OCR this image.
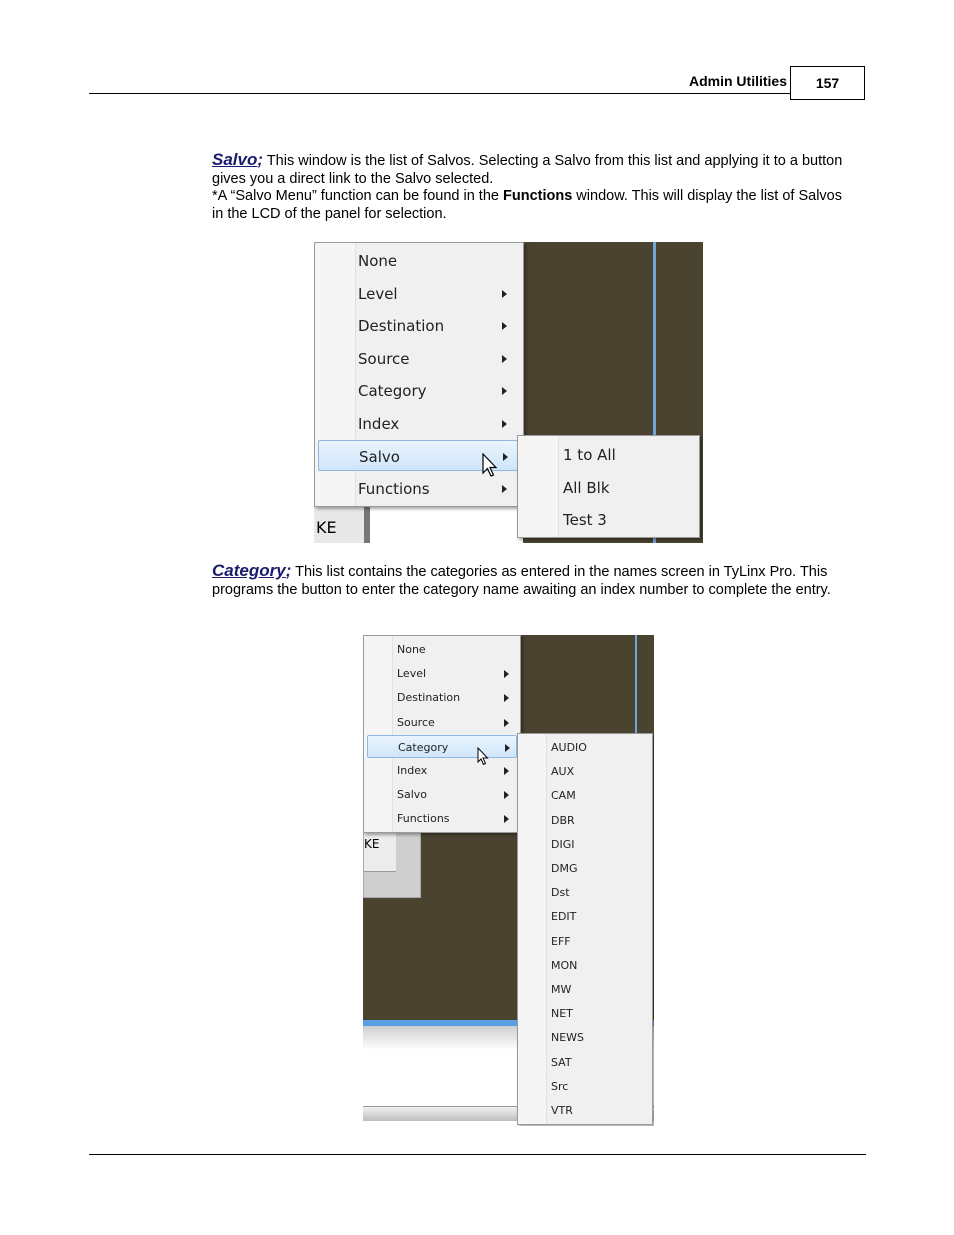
Admin Utilities	157

Salvo; This window is the list of Salvos. Selecting a Salvo from this list and applying it to a button gives you a direct link to the Salvo selected.
*A “Salvo Menu” function can be found in the Functions window. This will display the list of Salvos in the LCD of the panel for selection.

KE
None
Level
Destination
Source
Category
Index
Salvo
Functions
1 to All
All Blk
Test 3

Category; This list contains the categories as entered in the names screen in TyLinx Pro. This programs the button to enter the category name awaiting an index number to complete the entry.

KE
None
Level
Destination
Source
Category
Index
Salvo
Functions
AUDIO
AUX
CAM
DBR
DIGI
DMG
Dst
EDIT
EFF
MON
MW
NET
NEWS
SAT
Src
VTR
